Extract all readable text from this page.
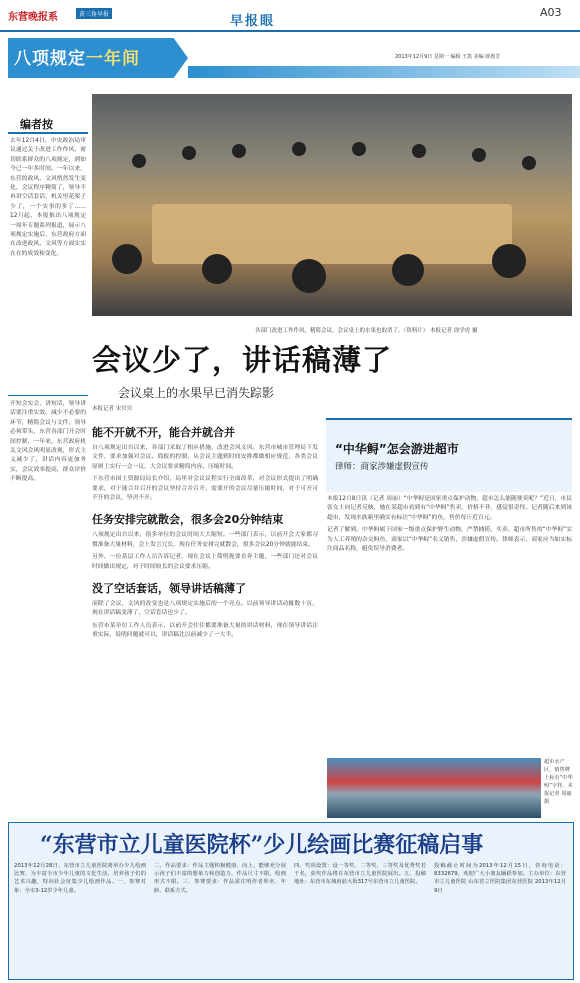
东营晚报系	黄三角早报	早报眼
A03
八项规定一年间	2013年12月9日 星期一 编辑 王凯 美编 薛惠芳
编者按
去年12月4日，中央政治局审议通过关于改进工作作风、密切联系群众的八项规定，到如今已一年多时间。一年以来，东营的政风、文风悄然发生变化，会议程序精简了，领导不再讲空话套话，机关里花架子少了，一个实事的多了……12月起，本报推出八项规定一周年专题系列报道，展示八项规定实施后，东营政府方面在改进政风、文风等方面实实在在的成效和变化。
各部门改进工作作风，精简会议，会议桌上的水果也取消了。（资料片） 本报记者 徐学虎 摄
会议少了，讲话稿薄了
会议桌上的水果早已消失踪影
本报记者 宋贝贝
开短会实会，讲短话，领导讲话要注重实效，减少不必要的环节，精简会议与文件，领导必须带头，东营各部门开会时间控制，一年来，东营政府机关文风会风明显改观，形式主义减少了，讲话内容更加务实，会议效率提高，群众评价不断提高。
能不开就不开，能合并就合并
自八项规定出台以来，各部门采取了相应措施，改进会风文风。东营市城市管理局下发文件，要求加强对会议、简报的控制，从会议主题到时间安排都做相应规范，各类会议原则上实行一会一议，大会议要求精简内容、压缩时间。
下东营市国土资源局局长介绍，局里对会议议程实行全面改革，对会议形式提出了明确要求，对于能合并召开的会议坚持合并召开，需要开的会议尽量压缩时间，对于可开可不开的会议，坚决不开。
任务安排完就散会，很多会20分钟结束
八项规定出台以来，很多单位的会议时间大大缩短。一些部门表示，以前开会大家都习惯准备大量材料，会上发言冗长，现在任务安排完就散会，很多会议20分钟就能结束。
另外，一位基层工作人员告诉记者，现在会议上简明扼要直奔主题，一些部门还对会议时间做出规定，对于时间较长的会议要求压缩。
没了空话套话，领导讲话稿薄了
而除了会议，文风的改变也是八项规定实施后的一个亮点。以前领导讲话动辄数十页，现在讲话稿变薄了，空话套话也少了。
东营市某单位工作人员表示，以前开会往往都要准备大量的讲话材料，现在领导讲话注重实际，说明问题就可以，讲话稿比以前减少了一大半。
“中华鲟”怎会游进超市
律师：商家涉嫌虚假宣传
本报12月8日讯（记者 周丽）“中华鲟是国家重点保护动物，超市怎么能随便卖呢？”近日，市民张女士向记者反映，她在某超市看到有“中华鲟”售卖，价格不菲，感觉很奇怪。记者随后来到该超市，发现水族箱里确实有标注“中华鲟”的鱼，售价每斤近百元。
记者了解到，中华鲟属于国家一级重点保护野生动物，严禁捕捞、买卖。超市所售的“中华鲟”实为人工养殖的杂交鲟鱼，商家以“中华鲟”名义销售，涉嫌虚假宣传。律师表示，商家应当如实标注商品名称，避免误导消费者。
超市水产区，销售牌上标有“中华鲟”字样。本报记者 周丽 摄
“东营市立儿童医院杯”少儿绘画比赛征稿启事
2013年12月28日，东营市立儿童医院将举办少儿绘画比赛，为丰富全市少年儿童的文化生活，培养孩子们的艺术兴趣，特向社会征集少儿绘画作品。一、参赛对象：全市3-12岁少年儿童。
二、作品要求：作品主题积极健康、向上，能够充分展示孩子们丰富的想象力和创造力，作品尺寸不限，绘画形式不限。三、参赛要求：作品需注明作者姓名、年龄、联系方式。
四、奖项设置：设一等奖、二等奖、三等奖及优秀奖若干名，获奖作品将在东营市立儿童医院展出。五、投稿地址：东营市东城府前大街317号东营市立儿童医院。
投稿截止时间为2013年12月15日，咨询电话：8332679，欢迎广大小朋友踊跃参加。主办单位：东营市立儿童医院 山东省立医院集团东营医院 2013年12月9日
